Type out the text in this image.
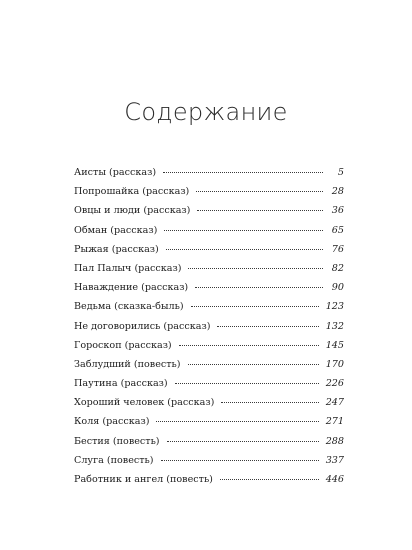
Содержание
Аисты (рассказ)	5
Попрошайка (рассказ)	28
Овцы и люди (рассказ)	36
Обман (рассказ)	65
Рыжая (рассказ)	76
Пал Палыч (рассказ)	82
Наваждение (рассказ)	90
Ведьма (сказка-быль)	123
Не договорились (рассказ)	132
Гороскоп (рассказ)	145
Заблудший (повесть)	170
Паутина (рассказ)	226
Хороший человек (рассказ)	247
Коля (рассказ)	271
Бестия (повесть)	288
Слуга (повесть)	337
Работник и ангел (повесть)	446
